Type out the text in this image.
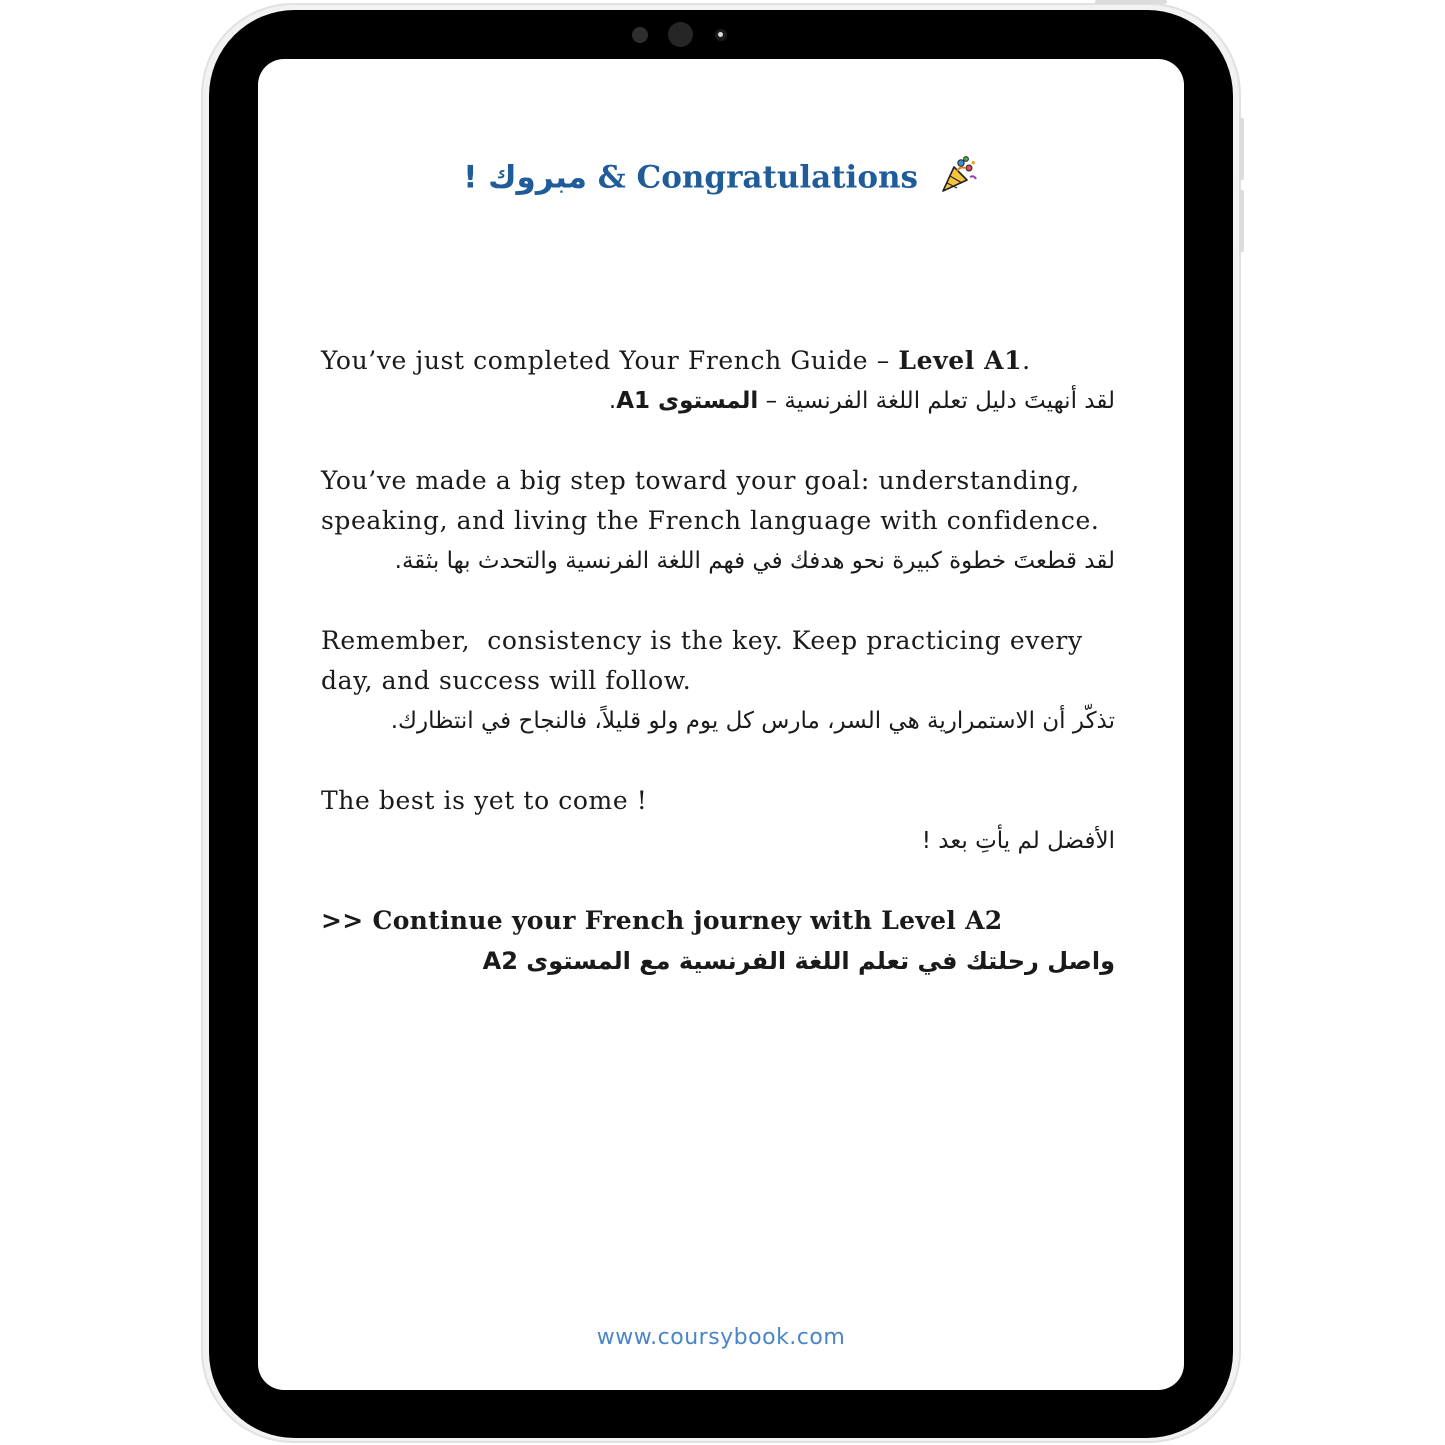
مبروك ! & Congratulations

You’ve just completed Your French Guide – Level A1.

لقد أنهيتَ دليل تعلم اللغة الفرنسية – المستوى A1.

You’ve made a big step toward your goal: understanding, speaking, and living the French language with confidence.

لقد قطعتَ خطوة كبيرة نحو هدفك في فهم اللغة الفرنسية والتحدث بها بثقة.

Remember,  consistency is the key. Keep practicing every day, and success will follow.

تذكّر أن الاستمرارية هي السر، مارس كل يوم ولو قليلاً، فالنجاح في انتظارك.

The best is yet to come !

الأفضل لم يأتِ بعد !

>> Continue your French journey with Level A2

واصل رحلتك في تعلم اللغة الفرنسية مع المستوى A2

www.coursybook.com
